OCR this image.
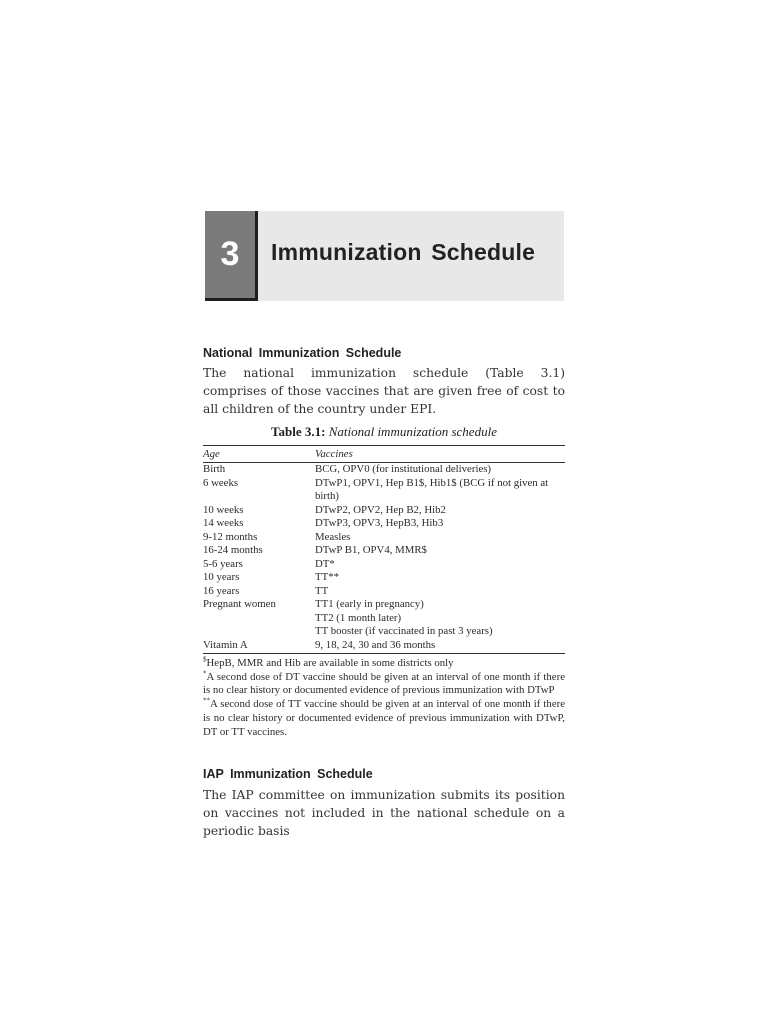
3	Immunization Schedule
National Immunization Schedule
The national immunization schedule (Table 3.1) comprises of those vaccines that are given free of cost to all children of the country under EPI.
Table 3.1: National immunization schedule
Age	Vaccines
Birth	BCG, OPV0 (for institutional deliveries)
6 weeks	DTwP1, OPV1, Hep B1$, Hib1$ (BCG if not given at birth)
10 weeks	DTwP2, OPV2, Hep B2, Hib2
14 weeks	DTwP3, OPV3, HepB3, Hib3
9-12 months	Measles
16-24 months	DTwP B1, OPV4, MMR$
5-6 years	DT*
10 years	TT**
16 years	TT
Pregnant women	TT1 (early in pregnancy)
	TT2 (1 month later)
	TT booster (if vaccinated in past 3 years)
Vitamin A	9, 18, 24, 30 and 36 months

$HepB, MMR and Hib are available in some districts only

*A second dose of DT vaccine should be given at an interval of one month if there is no clear history or documented evidence of previous immunization with DTwP

**A second dose of TT vaccine should be given at an interval of one month if there is no clear history or documented evidence of previous immunization with DTwP, DT or TT vaccines.

IAP Immunization Schedule
The IAP committee on immunization submits its position on vaccines not included in the national schedule on a periodic basis
